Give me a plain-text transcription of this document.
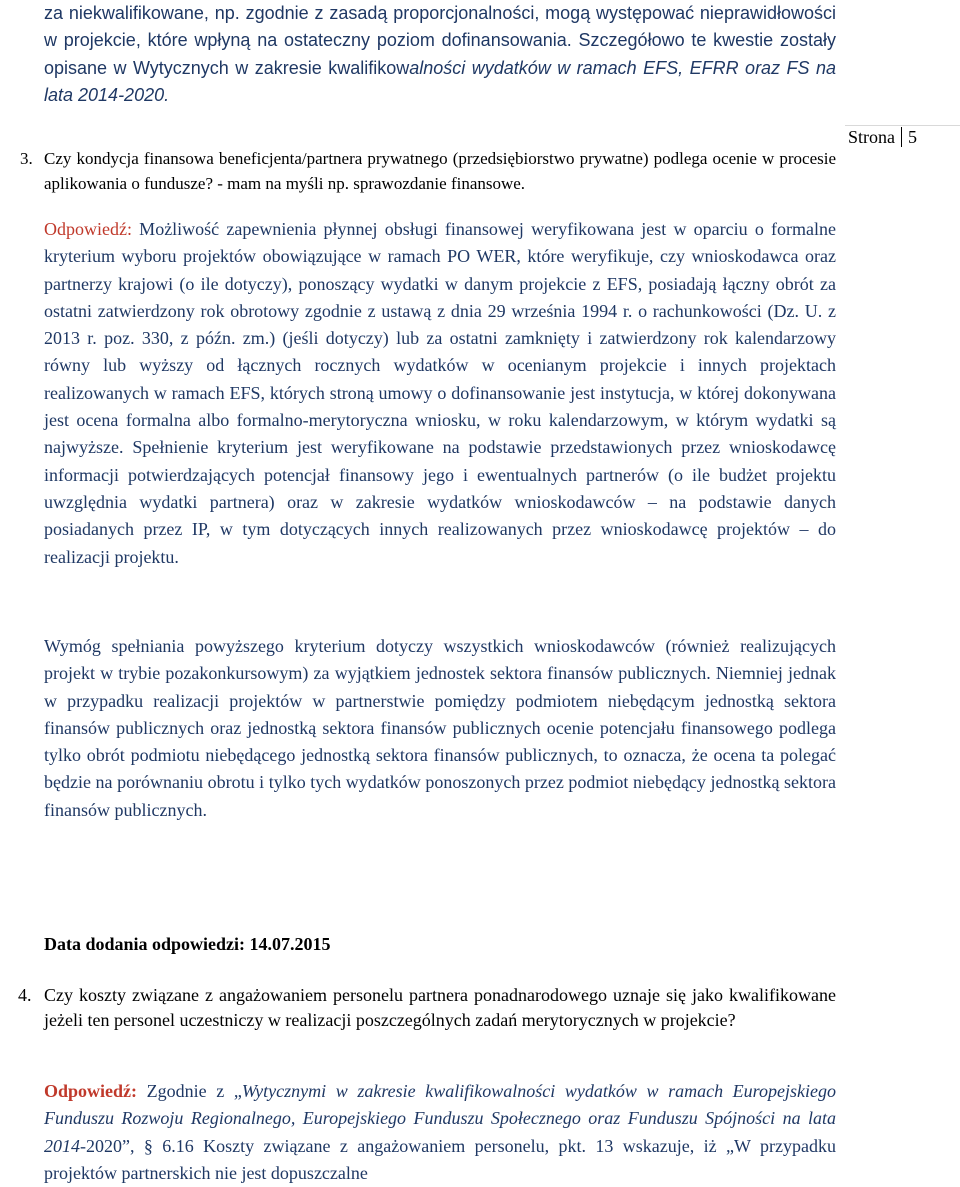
za niekwalifikowane, np. zgodnie z zasadą proporcjonalności, mogą występować nieprawidłowości w projekcie, które wpłyną na ostateczny poziom dofinansowania. Szczegółowo te kwestie zostały opisane w Wytycznych w zakresie kwalifikowalności wydatków w ramach EFS, EFRR oraz FS na lata 2014-2020.

Strona 5
3. Czy kondycja finansowa beneficjenta/partnera prywatnego (przedsiębiorstwo prywatne) podlega ocenie w procesie aplikowania o fundusze? - mam na myśli np. sprawozdanie finansowe.

Odpowiedź: Możliwość zapewnienia płynnej obsługi finansowej weryfikowana jest w oparciu o formalne kryterium wyboru projektów obowiązujące w ramach PO WER, które weryfikuje, czy wnioskodawca oraz partnerzy krajowi (o ile dotyczy), ponoszący wydatki w danym projekcie z EFS, posiadają łączny obrót za ostatni zatwierdzony rok obrotowy zgodnie z ustawą z dnia 29 września 1994 r. o rachunkowości (Dz. U. z 2013 r. poz. 330, z późn. zm.) (jeśli dotyczy) lub za ostatni zamknięty i zatwierdzony rok kalendarzowy równy lub wyższy od łącznych rocznych wydatków w ocenianym projekcie i innych projektach realizowanych w ramach EFS, których stroną umowy o dofinansowanie jest instytucja, w której dokonywana jest ocena formalna albo formalno-merytoryczna wniosku, w roku kalendarzowym, w którym wydatki są najwyższe. Spełnienie kryterium jest weryfikowane na podstawie przedstawionych przez wnioskodawcę informacji potwierdzających potencjał finansowy jego i ewentualnych partnerów (o ile budżet projektu uwzględnia wydatki partnera) oraz w zakresie wydatków wnioskodawców – na podstawie danych posiadanych przez IP, w tym dotyczących innych realizowanych przez wnioskodawcę projektów – do realizacji projektu.

Wymóg spełniania powyższego kryterium dotyczy wszystkich wnioskodawców (również realizujących projekt w trybie pozakonkursowym) za wyjątkiem jednostek sektora finansów publicznych. Niemniej jednak w przypadku realizacji projektów w partnerstwie pomiędzy podmiotem niebędącym jednostką sektora finansów publicznych oraz jednostką sektora finansów publicznych ocenie potencjału finansowego podlega tylko obrót podmiotu niebędącego jednostką sektora finansów publicznych, to oznacza, że ocena ta polegać będzie na porównaniu obrotu i tylko tych wydatków ponoszonych przez podmiot niebędący jednostką sektora finansów publicznych.

Data dodania odpowiedzi: 14.07.2015
4. Czy koszty związane z angażowaniem personelu partnera ponadnarodowego uznaje się jako kwalifikowane jeżeli ten personel uczestniczy w realizacji poszczególnych zadań merytorycznych w projekcie?

Odpowiedź: Zgodnie z „Wytycznymi w zakresie kwalifikowalności wydatków w ramach Europejskiego Funduszu Rozwoju Regionalnego, Europejskiego Funduszu Społecznego oraz Funduszu Spójności na lata 2014-2020”, § 6.16 Koszty związane z angażowaniem personelu, pkt. 13 wskazuje, iż „W przypadku projektów partnerskich nie jest dopuszczalne
